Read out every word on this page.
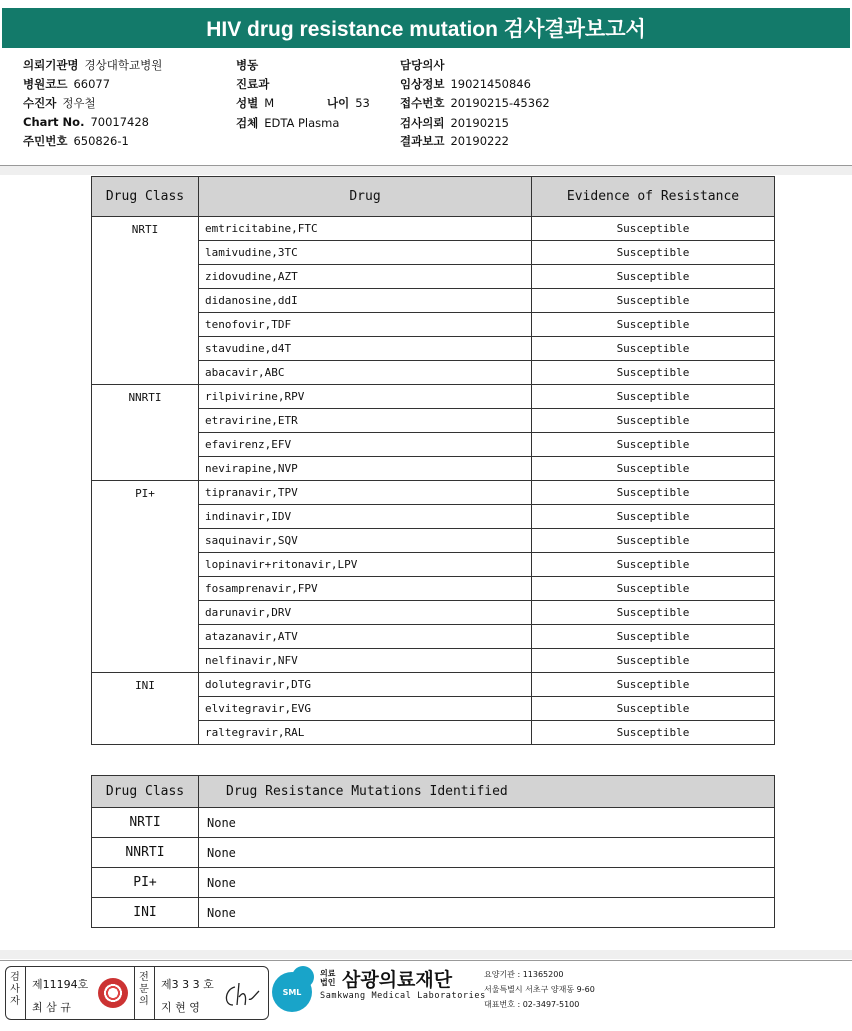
HIV drug resistance mutation 검사결과보고서
의뢰기관명 경상대학교병원
병원코드 66077
수진자 정우철
Chart No. 70017428
주민번호 650826-1
병동
진료과
성별 M
검체 EDTA Plasma
담당의사
임상정보 19021450846
접수번호 20190215-45362
검사의뢰 20190215
결과보고 20190222
나이 53
Drug Class	Drug	Evidence of Resistance
NRTI	emtricitabine,FTC	Susceptible
	lamivudine,3TC	Susceptible
	zidovudine,AZT	Susceptible
	didanosine,ddI	Susceptible
	tenofovir,TDF	Susceptible
	stavudine,d4T	Susceptible
	abacavir,ABC	Susceptible
NNRTI	rilpivirine,RPV	Susceptible
	etravirine,ETR	Susceptible
	efavirenz,EFV	Susceptible
	nevirapine,NVP	Susceptible
PI+	tipranavir,TPV	Susceptible
	indinavir,IDV	Susceptible
	saquinavir,SQV	Susceptible
	lopinavir+ritonavir,LPV	Susceptible
	fosamprenavir,FPV	Susceptible
	darunavir,DRV	Susceptible
	atazanavir,ATV	Susceptible
	nelfinavir,NFV	Susceptible
INI	dolutegravir,DTG	Susceptible
	elvitegravir,EVG	Susceptible
	raltegravir,RAL	Susceptible
Drug Class	Drug Resistance Mutations Identified
NRTI	None
NNRTI	None
PI+	None
INI	None
검사자
제11194호
최 삼 규
전문의
제3 3 3 호
지 현 영
SML
의료법인 삼광의료재단
Samkwang Medical Laboratories
요양기관 : 11365200
서울특별시 서초구 양재동 9-60
대표번호 : 02-3497-5100
